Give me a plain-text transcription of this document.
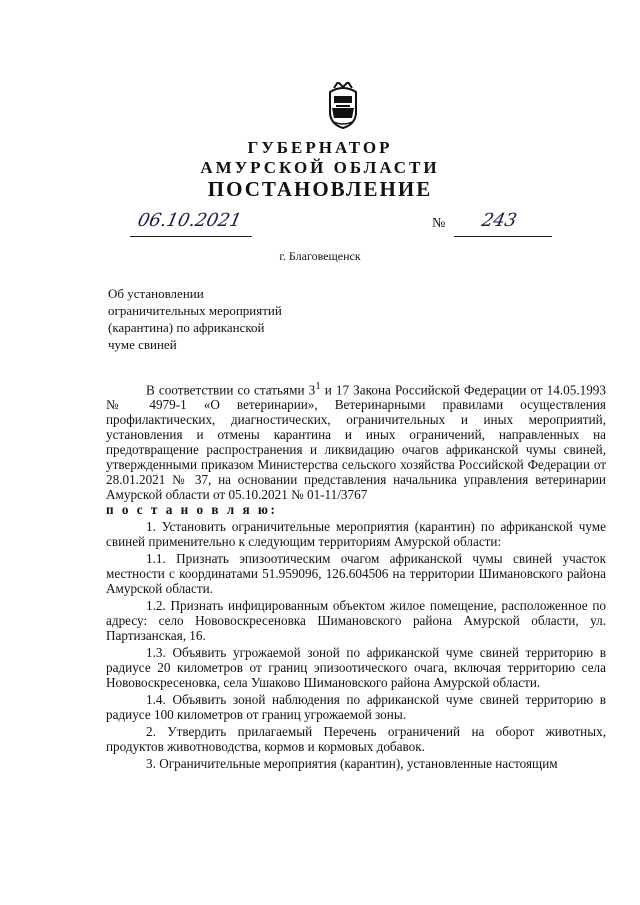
ГУБЕРНАТОР
АМУРСКОЙ ОБЛАСТИ
ПОСТАНОВЛЕНИЕ
06.10.2021	№ 243
г. Благовещенск
Об установлении
ограничительных мероприятий
(карантина) по африканской
чуме свиней

В соответствии со статьями $3^1$ и 17 Закона Российской Федерации от 14.05.1993 № 4979-1 «О ветеринарии», Ветеринарными правилами осуществления профилактических, диагностических, ограничительных и иных мероприятий, установления и отмены карантина и иных ограничений, направленных на предотвращение распространения и ликвидацию очагов африканской чумы свиней, утвержденными приказом Министерства сельского хозяйства Российской Федерации от 28.01.2021 № 37, на основании представления начальника управления ветеринарии Амурской области от 05.10.2021 № 01-11/3767

п о с т а н о в л я ю:

1. Установить ограничительные мероприятия (карантин) по африканской чуме свиней применительно к следующим территориям Амурской области:

1.1. Признать эпизоотическим очагом африканской чумы свиней участок местности с координатами 51.959096, 126.604506 на территории Шимановского района Амурской области.

1.2. Признать инфицированным объектом жилое помещение, расположенное по адресу: село Нововоскресеновка Шимановского района Амурской области, ул. Партизанская, 16.

1.3. Объявить угрожаемой зоной по африканской чуме свиней территорию в радиусе 20 километров от границ эпизоотического очага, включая территорию села Нововоскресеновка, села Ушаково Шимановского района Амурской области.

1.4. Объявить зоной наблюдения по африканской чуме свиней территорию в радиусе 100 километров от границ угрожаемой зоны.

2. Утвердить прилагаемый Перечень ограничений на оборот животных, продуктов животноводства, кормов и кормовых добавок.

3. Ограничительные мероприятия (карантин), установленные настоящим
